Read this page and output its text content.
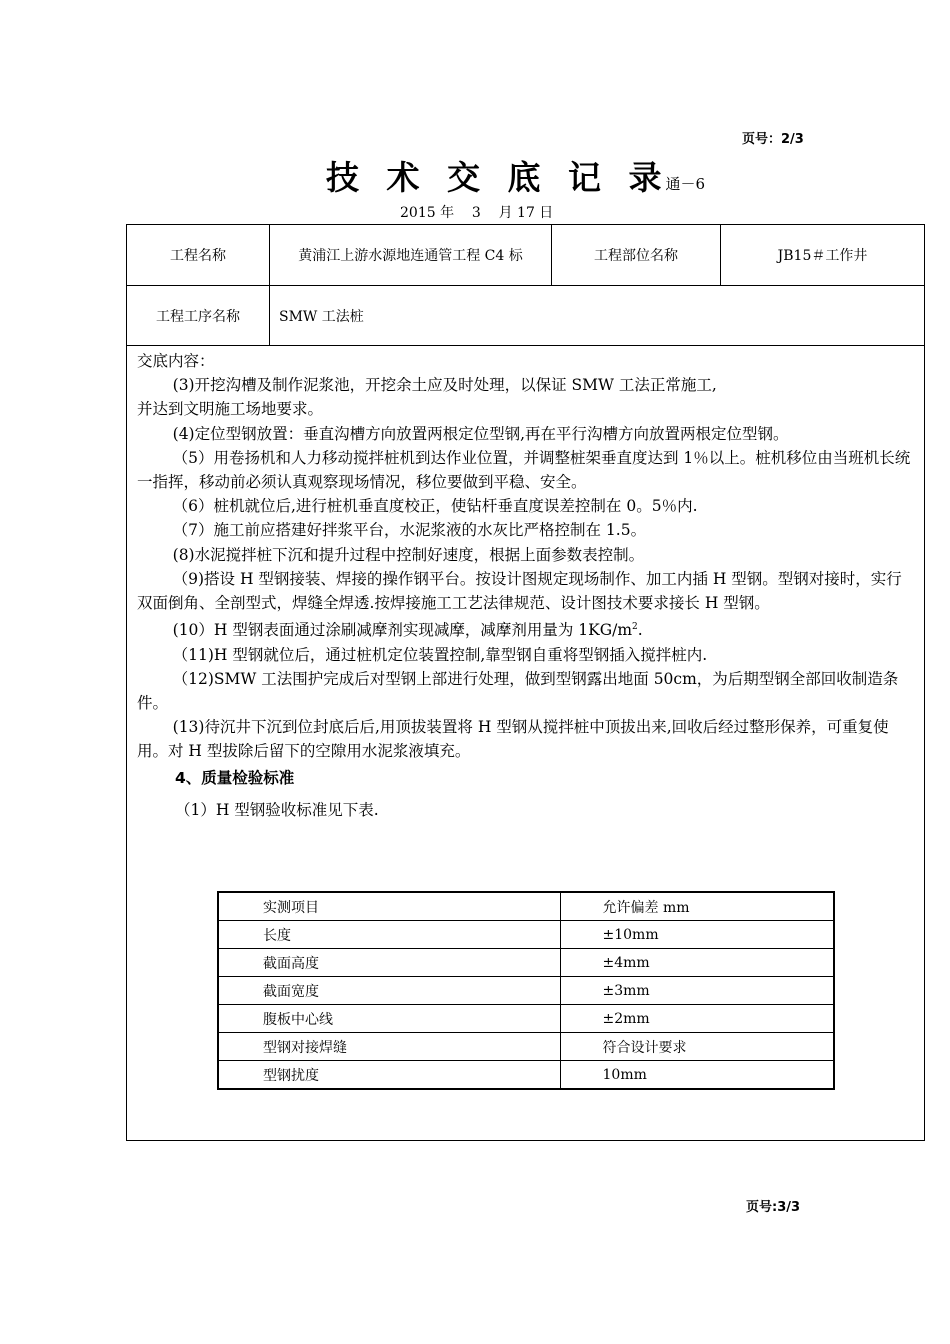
页号：2/3
技 术 交 底 记 录通－6
2015 年    3    月 17 日
工程名称	黄浦江上游水源地连通管工程 C4 标	工程部位名称	JB15＃工作井
工程工序名称	SMW 工法桩

交底内容：

(3)开挖沟槽及制作泥浆池，开挖余土应及时处理，以保证 SMW 工法正常施工,

并达到文明施工场地要求。

(4)定位型钢放置：垂直沟槽方向放置两根定位型钢,再在平行沟槽方向放置两根定位型钢。

（5）用卷扬机和人力移动搅拌桩机到达作业位置，并调整桩架垂直度达到 1％以上。桩机移位由当班机长统一指挥，移动前必须认真观察现场情况，移位要做到平稳、安全。

（6）桩机就位后,进行桩机垂直度校正，使钻杆垂直度误差控制在 0。5％内.

（7）施工前应搭建好拌浆平台，水泥浆液的水灰比严格控制在 1.5。

(8)水泥搅拌桩下沉和提升过程中控制好速度，根据上面参数表控制。

（9)搭设 H 型钢接装、焊接的操作钢平台。按设计图规定现场制作、加工内插 H 型钢。型钢对接时，实行双面倒角、全剖型式，焊缝全焊透.按焊接施工工艺法律规范、设计图技术要求接长 H 型钢。

(10）H 型钢表面通过涂刷减摩剂实现减摩，减摩剂用量为 $1KG/m^2$.

（11)H 型钢就位后，通过桩机定位装置控制,靠型钢自重将型钢插入搅拌桩内.

（12)SMW 工法围护完成后对型钢上部进行处理，做到型钢露出地面 50cm，为后期型钢全部回收制造条件。

(13)待沉井下沉到位封底后后,用顶拔装置将 H 型钢从搅拌桩中顶拔出来,回收后经过整形保养，可重复使用。对 H 型拔除后留下的空隙用水泥浆液填充。

4、质量检验标准

（1）H 型钢验收标准见下表.

实测项目	允许偏差 mm
长度	±10mm
截面高度	±4mm
截面宽度	±3mm
腹板中心线	±2mm
型钢对接焊缝	符合设计要求
型钢扰度	10mm
页号:3/3
